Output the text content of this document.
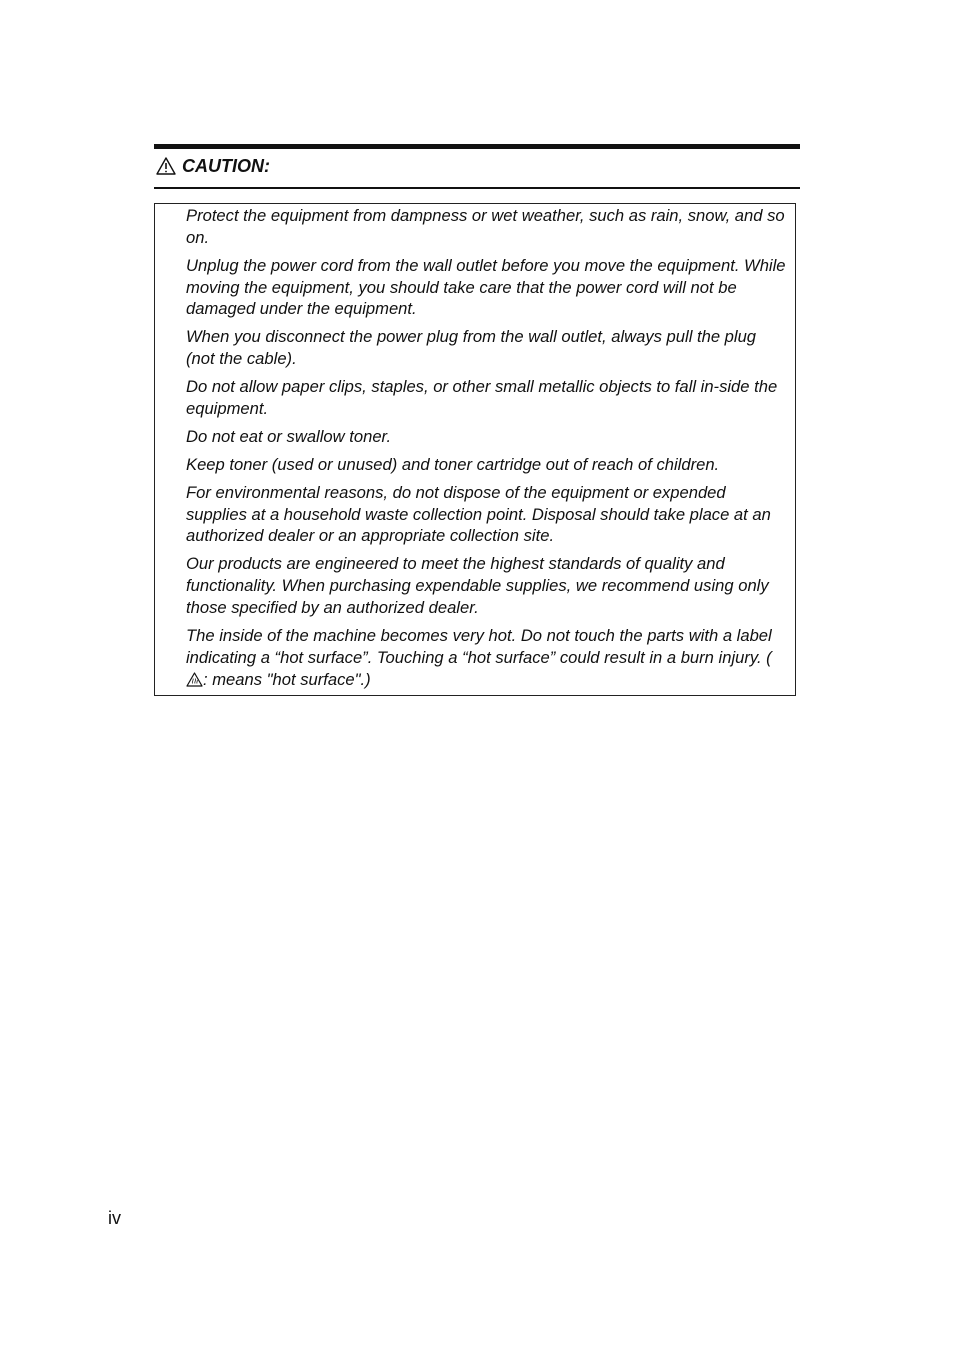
CAUTION:
Protect the equipment from dampness or wet weather, such as rain, snow, and so on.
Unplug the power cord from the wall outlet before you move the equipment. While moving the equipment, you should take care that the power cord will not be damaged under the equipment.
When you disconnect the power plug from the wall outlet, always pull the plug (not the cable).
Do not allow paper clips, staples, or other small metallic objects to fall in-side the equipment.
Do not eat or swallow toner.
Keep toner (used or unused) and toner cartridge out of reach of children.
For environmental reasons, do not dispose of the equipment or expended supplies at a household waste collection point. Disposal should take place at an authorized dealer or an appropriate collection site.
Our products are engineered to meet the highest standards of quality and functionality. When purchasing expendable supplies, we recommend using only those specified by an authorized dealer.
The inside of the machine becomes very hot. Do not touch the parts with a label indicating a “hot surface”. Touching a “hot surface” could result in a burn injury. (: means "hot surface".)
iv
